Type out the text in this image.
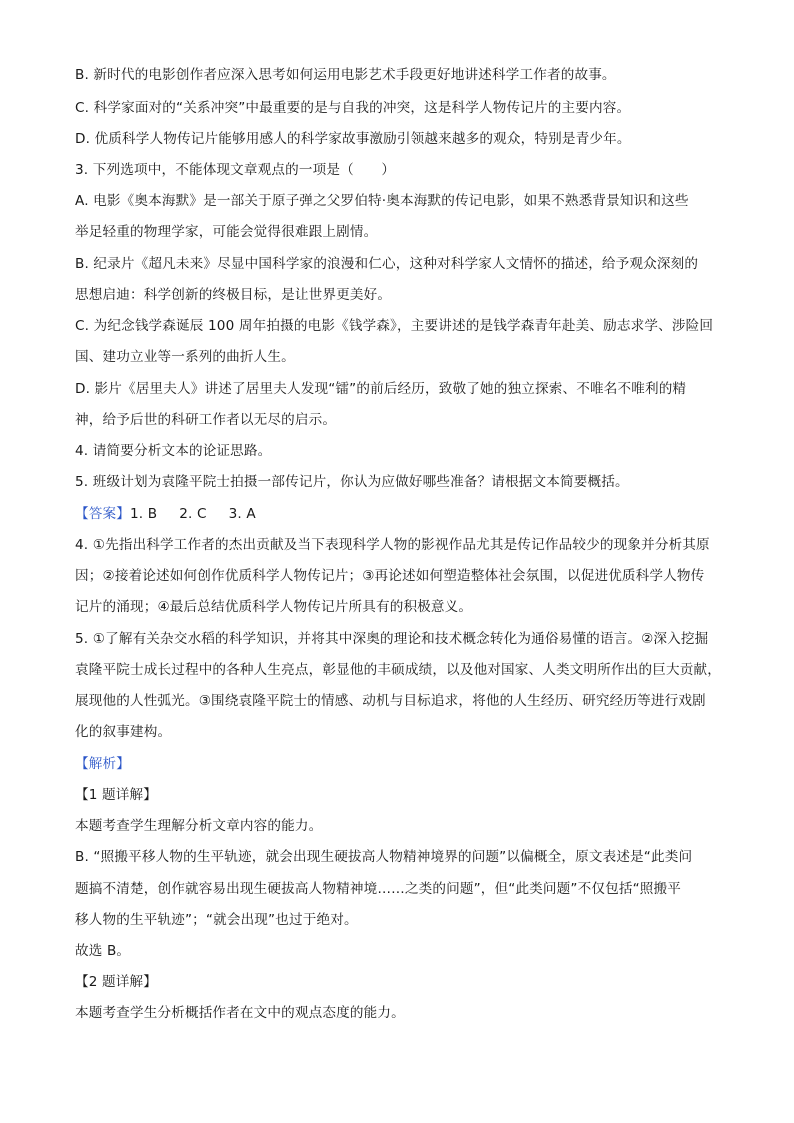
B. 新时代的电影创作者应深入思考如何运用电影艺术手段更好地讲述科学工作者的故事。
C. 科学家面对的“关系冲突”中最重要的是与自我的冲突，这是科学人物传记片的主要内容。
D. 优质科学人物传记片能够用感人的科学家故事激励引领越来越多的观众，特别是青少年。
3. 下列选项中，不能体现文章观点的一项是（　　）
A. 电影《奥本海默》是一部关于原子弹之父罗伯特·奥本海默的传记电影，如果不熟悉背景知识和这些
举足轻重的物理学家，可能会觉得很难跟上剧情。
B. 纪录片《超凡未来》尽显中国科学家的浪漫和仁心，这种对科学家人文情怀的描述，给予观众深刻的
思想启迪：科学创新的终极目标，是让世界更美好。
C. 为纪念钱学森诞辰 100 周年拍摄的电影《钱学森》，主要讲述的是钱学森青年赴美、励志求学、涉险回
国、建功立业等一系列的曲折人生。
D. 影片《居里夫人》讲述了居里夫人发现“镭”的前后经历，致敬了她的独立探索、不唯名不唯利的精
神，给予后世的科研工作者以无尽的启示。
4. 请简要分析文本的论证思路。
5. 班级计划为袁隆平院士拍摄一部传记片，你认为应做好哪些准备？请根据文本简要概括。
【答案】1. B 2. C 3. A
4. ①先指出科学工作者的杰出贡献及当下表现科学人物的影视作品尤其是传记作品较少的现象并分析其原
因；②接着论述如何创作优质科学人物传记片；③再论述如何塑造整体社会氛围，以促进优质科学人物传
记片的涌现；④最后总结优质科学人物传记片所具有的积极意义。
5. ①了解有关杂交水稻的科学知识，并将其中深奥的理论和技术概念转化为通俗易懂的语言。②深入挖掘
袁隆平院士成长过程中的各种人生亮点，彰显他的丰硕成绩，以及他对国家、人类文明所作出的巨大贡献，
展现他的人性弧光。③围绕袁隆平院士的情感、动机与目标追求，将他的人生经历、研究经历等进行戏剧
化的叙事建构。
【解析】
【1 题详解】
本题考查学生理解分析文章内容的能力。
B. “照搬平移人物的生平轨迹，就会出现生硬拔高人物精神境界的问题”以偏概全，原文表述是“此类问
题搞不清楚，创作就容易出现生硬拔高人物精神境……之类的问题”，但“此类问题”不仅包括“照搬平
移人物的生平轨迹”；“就会出现”也过于绝对。
故选 B。
【2 题详解】
本题考查学生分析概括作者在文中的观点态度的能力。
